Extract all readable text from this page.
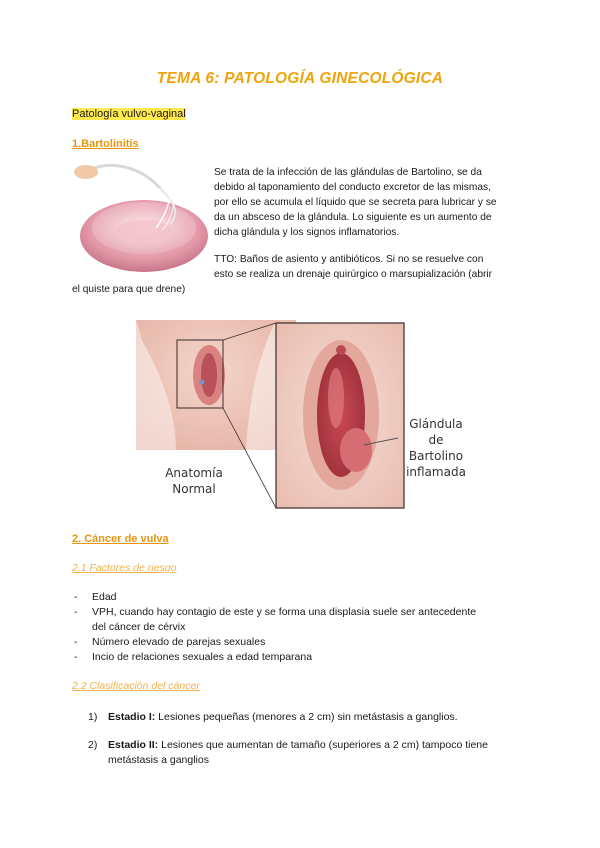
TEMA 6: PATOLOGÍA GINECOLÓGICA
Patología vulvo-vaginal
1.Bartolinitis

Se trata de la infección de las glándulas de Bartolino, se da

debido al taponamiento del conducto excretor de las mismas,

por ello se acumula el líquido que se secreta para lubricar y se

da un absceso de la glándula. Lo siguiente es un aumento de

dicha glándula y los signos inflamatorios.

TTO: Baños de asiento y antibióticos. Si no se resuelve con

esto se realiza un drenaje quirúrgico o marsupialización (abrir

el quiste para que drene)
Anatomía
Normal
Glándula
de
Bartolino
inflamada
2. Cáncer de vulva
2.1 Factores de riesgo
- Edad
- VPH, cuando hay contagio de este y se forma una displasia suele ser antecedente
del cáncer de cérvix
- Número elevado de parejas sexuales
- Incio de relaciones sexuales a edad temparana
2.2 Clasificación del cáncer
1) Estadio I: Lesiones pequeñas (menores a 2 cm) sin metástasis a ganglios.
2) Estadio II: Lesiones que aumentan de tamaño (superiores a 2 cm) tampoco tiene
metástasis a ganglios
